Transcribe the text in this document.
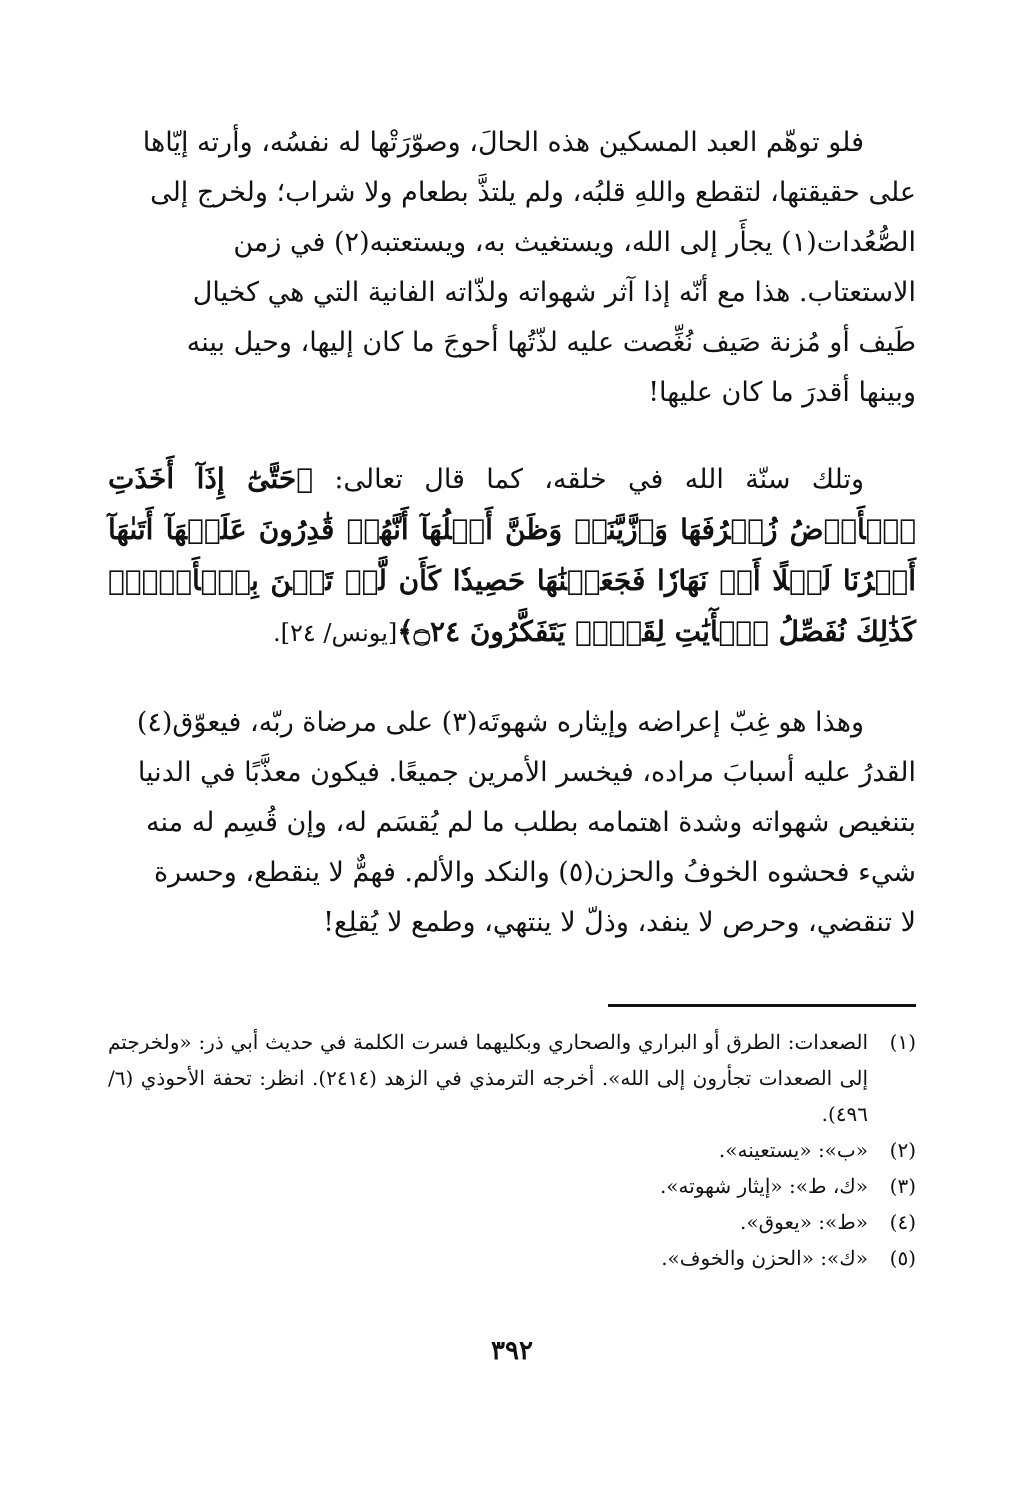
فلو توهّم العبد المسكين هذه الحالَ، وصوّرَتْها له نفسُه، وأرته إيّاها

على حقيقتها، لتقطع واللهِ قلبُه، ولم يلتذَّ بطعام ولا شراب؛ ولخرج إلى

الصُّعُدات(١) يجأَر إلى الله، ويستغيث به، ويستعتبه(٢) في زمن

الاستعتاب. هذا مع أنّه إذا آثر شهواته ولذّاته الفانية التي هي كخيال

طَيف أو مُزنة صَيف نُغِّصت عليه لذّتُها أحوجَ ما كان إليها، وحيل بينه

وبينها أقدرَ ما كان عليها!

وتلك سنّة الله في خلقه، كما قال تعالى: ﴿حَتَّىٰٓ إِذَآ أَخَذَتِ ٱلۡأَرۡضُ زُخۡرُفَهَا وَٱزَّيَّنَتۡ وَظَنَّ أَهۡلُهَآ أَنَّهُمۡ قَٰدِرُونَ عَلَيۡهَآ أَتَىٰهَآ أَمۡرُنَا لَيۡلًا أَوۡ نَهَارٗا فَجَعَلۡنَٰهَا حَصِيدٗا كَأَن لَّمۡ تَغۡنَ بِٱلۡأَمۡسِۚ كَذَٰلِكَ نُفَصِّلُ ٱلۡأٓيَٰتِ لِقَوۡمٖ يَتَفَكَّرُونَ ۝٢٤﴾[يونس/ ٢٤].

وهذا هو غِبّ إعراضه وإيثاره شهوتَه(٣) على مرضاة ربّه، فيعوّق(٤)

القدرُ عليه أسبابَ مراده، فيخسر الأمرين جميعًا. فيكون معذَّبًا في الدنيا

بتنغيص شهواته وشدة اهتمامه بطلب ما لم يُقسَم له، وإن قُسِم له منه

شيء فحشوه الخوفُ والحزن(٥) والنكد والألم. فهمٌّ لا ينقطع، وحسرة

لا تنقضي، وحرص لا ينفد، وذلّ لا ينتهي، وطمع لا يُقلِع!

(١)
الصعدات: الطرق أو البراري والصحاري وبكليهما فسرت الكلمة في حديث أبي ذر: «ولخرجتم إلى الصعدات تجأرون إلى الله». أخرجه الترمذي في الزهد (٢٤١٤). انظر: تحفة الأحوذي (٦/ ٤٩٦).
(٢)
«ب»: «يستعينه».
(٣)
«ك، ط»: «إيثار شهوته».
(٤)
«ط»: «يعوق».
(٥)
«ك»: «الحزن والخوف».
٣٩٢
